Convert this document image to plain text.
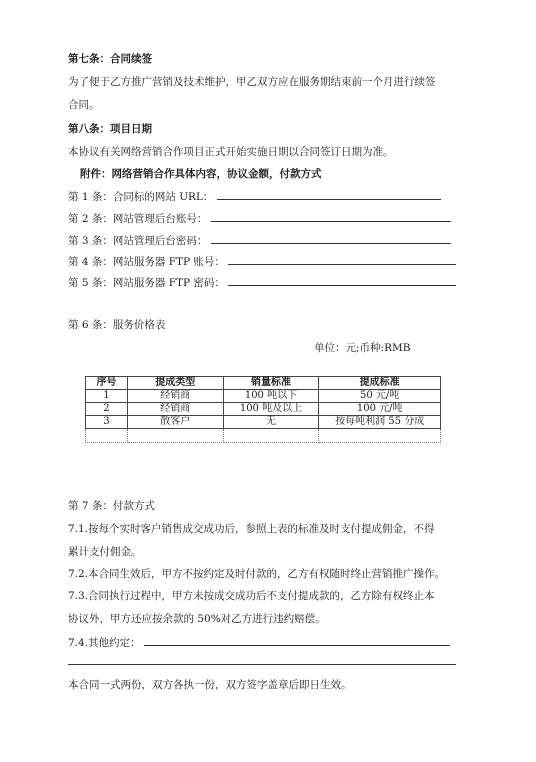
第七条：合同续签
为了便于乙方推广营销及技术维护，甲乙双方应在服务期结束前一个月进行续签
合同。
第八条：项目日期
本协议有关网络营销合作项目正式开始实施日期以合同签订日期为准。
附件：网络营销合作具体内容，协议金额，付款方式
第 1 条：合同标的网站 URL：
第 2 条：网站管理后台账号：
第 3 条：网站管理后台密码：
第 4 条：网站服务器 FTP 账号：
第 5 条：网站服务器 FTP 密码：
第 6 条：服务价格表
单位：元;币种:RMB
序号	提成类型	销量标准	提成标准
1	经销商	100 吨以下	50 元/吨
2	经销商	100 吨及以上	100 元/吨
3	散客户	无	按每吨利润 55 分成

第 7 条：付款方式
7.1.按每个实时客户销售成交成功后，参照上表的标准及时支付提成佣金，不得
累计支付佣金。
7.2.本合同生效后，甲方不按约定及时付款的，乙方有权随时终止营销推广操作。
7.3.合同执行过程中，甲方未按成交成功后不支付提成款的，乙方除有权终止本
协议外，甲方还应按余款的 50%对乙方进行违约赔偿。
7.4.其他约定：
本合同一式两份，双方各执一份，双方签字盖章后即日生效。
